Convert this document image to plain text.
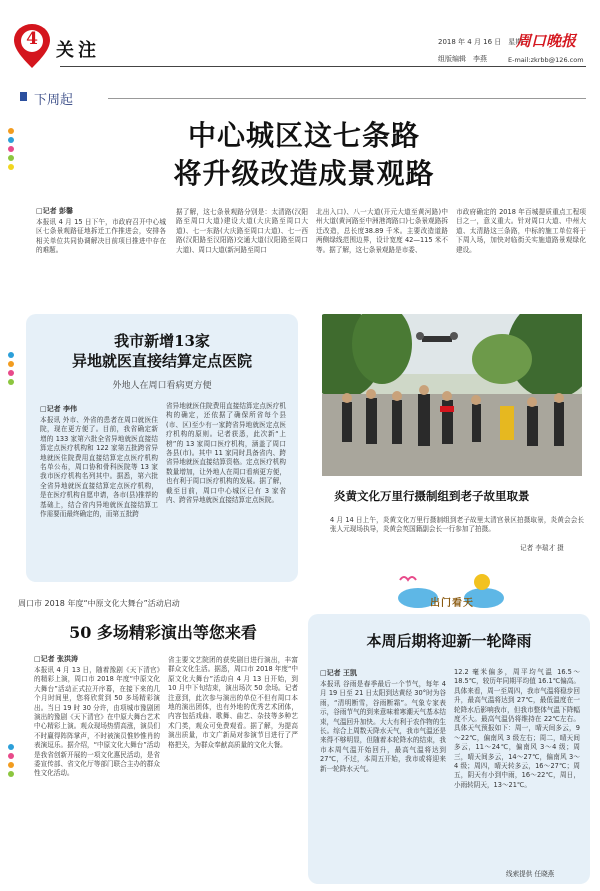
4
关注	2018 年 4 月 16 日　星期一
组版编辑　李燕
周口晚报
E-mail:zkrbb@126.com
下周起
中心城区这七条路
将升级改造成景观路
□记者 彭馨
本报讯 4 月 15 日下午，市政府召开中心城区七条景观路征地拆迁工作推进会，安排各相关单位共同协调解决目前项目推进中存在的难题。
据了解，这七条景观路分别是：太清路(汉阳路至周口大道)建设大道(大庆路至周口大道)、七一东路(大庆路至周口大道)、七一西路(汉阳路至汉阳路)交通大道(汉阳路至周口大道)、周口大道(新河路至周口
北出入口)、八一大道(开元大道至黄河路)中州大道(黄河路至中洲港湾路口)七条景观路拆迁改造，总长度38.89 千米。主要改造道路两侧绿线范围边界，设计宽度 42—115 米不等。据了解，这七条景观路是市委、
市政府确定的 2018 年百城提质重点工程项目之一，意义重大。针对周口大道、中州大道、太清路这三条路，中标的施工单位将于下周入场，加快对临街关实施道路景观绿化建设。
我市新增13家
异地就医直接结算定点医院
外地人在周口看病更方便
□记者 李伟
本报讯 外市、外省的患者在周口就医住院，现在更方便了。目前，我省确定新增的 133 家第六批全省异地就医直接结算定点医疗机构和 122 家第五批跨省异地就医住院费用直接结算定点医疗机构名单公布，周口协和骨科医院等 13 家我市医疗机构名列其中。据悉，第六批全省异地就医直接结算定点医疗机构，是在医疗机构自愿申请，各市(县)推荐的基础上，结合省内异地就医直接结算工作需要而最终确定的，而第五批跨
省异地就医住院费用直接结算定点医疗机构的确定，还依据了确保所省每个县(市、区)至少有一家跨省异地就医定点医疗机构的原则。记者获悉，此次新“上榜”的 13 家周口医疗机构，涵盖了周口各县(市)。其中 11 家同时具备省内、跨省异地就医直接结算资格。定点医疗机构数量增加，让外地人在周口看病更方便，也有利于周口医疗机构的发展。据了解，截至目前，周口中心城区已有 3 家省内、跨省异地就医直接结算定点医院。	炎黄文化万里行摄制组到老子故里取景
4 月 14 日上午，炎黄文化万里行摄制组到老子故里太清宫景区拍摄取景，炎黄会会长张人元现场执导，炎黄会英国籍副会长一行参加了拍摄。
记者 李瑞才 摄
周口市 2018 年度“中原文化大舞台”活动启动
50 多场精彩演出等您来看
□记者 张洪涛
本报讯 4 月 13 日，随着豫剧《天下清官》的精彩上演，周口市 2018 年度“中原文化大舞台”活动正式拉开序幕，在接下来的几个月时间里，您将欣赏到 50 多场精彩演出。当日 19 时 30 分许，由项城市豫剧团演出的豫剧《天下清官》在中原大舞台艺术中心精彩上演。观众现场热情高涨，演员们不时赢得阵阵掌声，不时被演员惟妙惟肖的表演逗乐。据介绍，“中原文化大舞台”活动是我省创新开展的一项文化惠民活动，是省委宣传部、省文化厅等部门联合主办的群众性文化活动。
省主要文艺院团的获奖剧目进行演出，丰富群众文化生活。据悉，周口市 2018 年度“中原文化大舞台”活动自 4 月 13 日开始，到 10 月中下旬结束，演出场次 50 余场。记者注意到，此次参与演出的单位不但有周口本地的演出团体，也有外地的优秀艺术团体，内容包括戏曲、歌舞、曲艺、杂技等多种艺术门类，观众可免费观看。据了解，为提高演出质量，市文广新局对参演节目进行了严格把关，为群众奉献高质量的文化大餐。
出门看天
本周后期将迎新一轮降雨
□记者 王凯
本报讯 谷雨是春季最后一个节气，每年 4 月 19 日至 21 日太阳到达黄经 30°时为谷雨，“清明断雪，谷雨断霜”。气象专家表示，谷雨节气的到来意味着寒潮天气基本结束，气温回升加快。大大有利于农作物的生长。综合上周数天降水天气，我市气温还是来得不够明显，但随着本轮降水的结束，我市本周气温开始回升，最高气温将达到 27℃，不过，本周五开始，我市或将迎来新一轮降水天气。
12.2 毫米偏多，周平均气温 16.5～18.5℃，较历年同期平均值 16.1℃偏高。具体来看，周一至周四，我市气温将稳步回升，最高气温将达到 27℃，最低温度在一轮降水后影响我市，但我市整体气温下降幅度不大。最高气温仍将维持在 22℃左右。具体天气预报如下：周一，晴天间多云，9～22℃，偏南风 3 级左右；周二，晴天间多云，11～24℃，偏南风 3～4 级；周三，晴天间多云，14～27℃，偏南风 3～4 级；周四，晴天转多云，16～27℃；周五，阴天有小到中雨，16～22℃，周日，小雨转阴天，13～21℃。
线索提供 任晓燕
